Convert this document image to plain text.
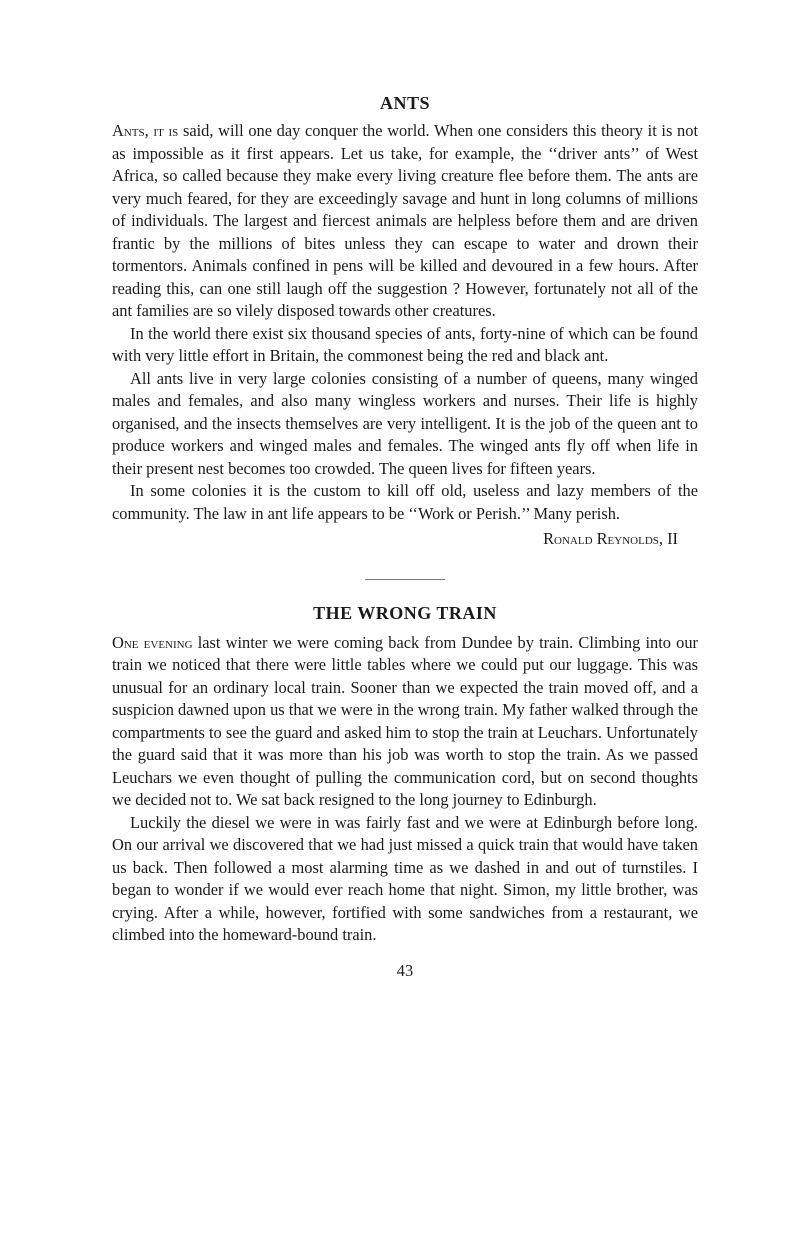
ANTS

Ants, it is said, will one day conquer the world. When one considers this theory it is not as impossible as it first appears. Let us take, for example, the ‘‘driver ants’’ of West Africa, so called because they make every living creature flee before them. The ants are very much feared, for they are exceedingly savage and hunt in long columns of millions of individuals. The largest and fiercest animals are helpless before them and are driven frantic by the millions of bites unless they can escape to water and drown their tormentors. Animals confined in pens will be killed and devoured in a few hours. After reading this, can one still laugh off the suggestion ? However, fortunately not all of the ant families are so vilely disposed towards other creatures.

In the world there exist six thousand species of ants, forty-nine of which can be found with very little effort in Britain, the commonest being the red and black ant.

All ants live in very large colonies consisting of a number of queens, many winged males and females, and also many wingless workers and nurses. Their life is highly organised, and the insects themselves are very intelligent. It is the job of the queen ant to produce workers and winged males and females. The winged ants fly off when life in their present nest becomes too crowded. The queen lives for fifteen years.

In some colonies it is the custom to kill off old, useless and lazy members of the community. The law in ant life appears to be ‘‘Work or Perish.’’ Many perish.

Ronald Reynolds, II
THE WRONG TRAIN

One evening last winter we were coming back from Dundee by train. Climbing into our train we noticed that there were little tables where we could put our luggage. This was unusual for an ordinary local train. Sooner than we expected the train moved off, and a suspicion dawned upon us that we were in the wrong train. My father walked through the compartments to see the guard and asked him to stop the train at Leuchars. Unfortunately the guard said that it was more than his job was worth to stop the train. As we passed Leuchars we even thought of pulling the communication cord, but on second thoughts we decided not to. We sat back resigned to the long journey to Edinburgh.

Luckily the diesel we were in was fairly fast and we were at Edinburgh before long. On our arrival we discovered that we had just missed a quick train that would have taken us back. Then followed a most alarming time as we dashed in and out of turnstiles. I began to wonder if we would ever reach home that night. Simon, my little brother, was crying. After a while, however, fortified with some sandwiches from a restaurant, we climbed into the homeward-bound train.

43
